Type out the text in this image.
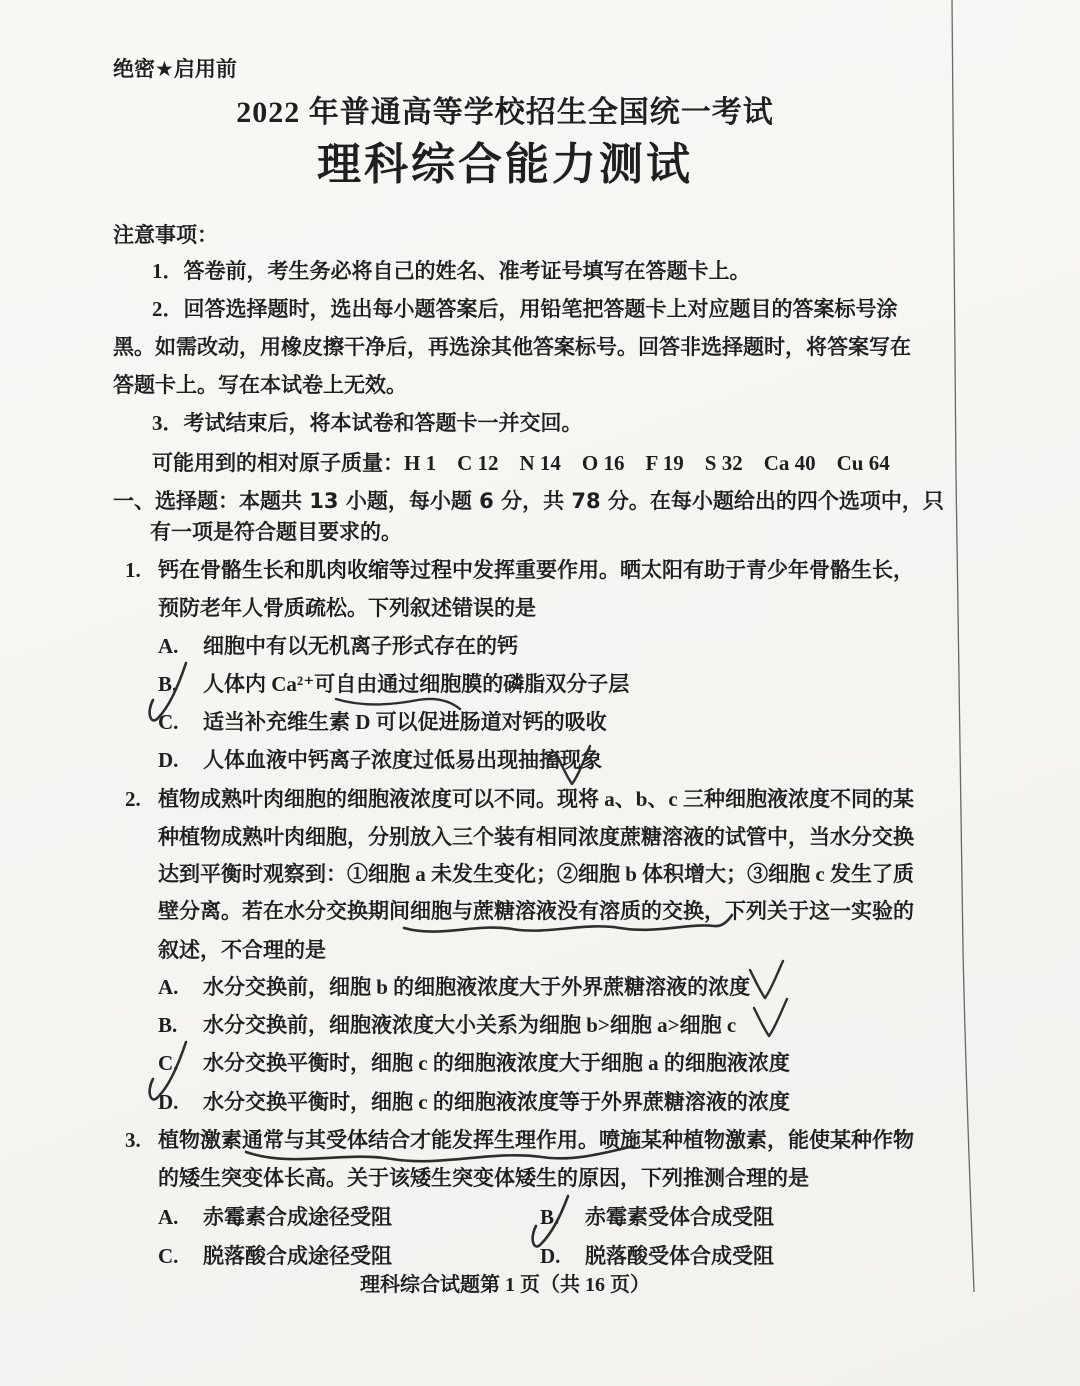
绝密★启用前
2022 年普通高等学校招生全国统一考试
理科综合能力测试
注意事项：
1．答卷前，考生务必将自己的姓名、准考证号填写在答题卡上。
2．回答选择题时，选出每小题答案后，用铅笔把答题卡上对应题目的答案标号涂
黑。如需改动，用橡皮擦干净后，再选涂其他答案标号。回答非选择题时，将答案写在
答题卡上。写在本试卷上无效。
3．考试结束后，将本试卷和答题卡一并交回。
可能用到的相对原子质量：H 1　C 12　N 14　O 16　F 19　S 32　Ca 40　Cu 64
一、选择题：本题共 13 小题，每小题 6 分，共 78 分。在每小题给出的四个选项中，只
有一项是符合题目要求的。
1. 钙在骨骼生长和肌肉收缩等过程中发挥重要作用。晒太阳有助于青少年骨骼生长，
预防老年人骨质疏松。下列叙述错误的是
A. 细胞中有以无机离子形式存在的钙
B. 人体内 Ca²⁺可自由通过细胞膜的磷脂双分子层
C. 适当补充维生素 D 可以促进肠道对钙的吸收
D. 人体血液中钙离子浓度过低易出现抽搐现象
2. 植物成熟叶肉细胞的细胞液浓度可以不同。现将 a、b、c 三种细胞液浓度不同的某
种植物成熟叶肉细胞，分别放入三个装有相同浓度蔗糖溶液的试管中，当水分交换
达到平衡时观察到：①细胞 a 未发生变化；②细胞 b 体积增大；③细胞 c 发生了质
壁分离。若在水分交换期间细胞与蔗糖溶液没有溶质的交换，下列关于这一实验的
叙述，不合理的是
A. 水分交换前，细胞 b 的细胞液浓度大于外界蔗糖溶液的浓度
B. 水分交换前，细胞液浓度大小关系为细胞 b>细胞 a>细胞 c
C. 水分交换平衡时，细胞 c 的细胞液浓度大于细胞 a 的细胞液浓度
D. 水分交换平衡时，细胞 c 的细胞液浓度等于外界蔗糖溶液的浓度
3. 植物激素通常与其受体结合才能发挥生理作用。喷施某种植物激素，能使某种作物
的矮生突变体长高。关于该矮生突变体矮生的原因，下列推测合理的是
A. 赤霉素合成途径受阻	B. 赤霉素受体合成受阻
C. 脱落酸合成途径受阻	D. 脱落酸受体合成受阻
理科综合试题第 1 页（共 16 页）
